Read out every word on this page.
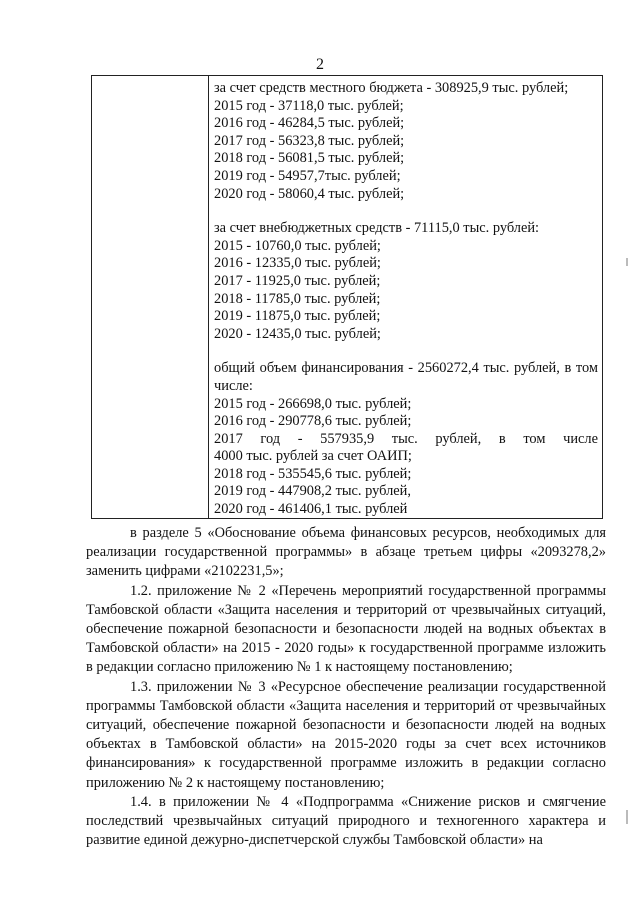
2
за счет средств местного бюджета - 308925,9 тыс. рублей;
2015 год - 37118,0 тыс. рублей;
2016 год - 46284,5 тыс. рублей;
2017 год - 56323,8 тыс. рублей;
2018 год - 56081,5 тыс. рублей;
2019 год - 54957,7тыс. рублей;
2020 год - 58060,4 тыс. рублей;
за счет внебюджетных средств - 71115,0 тыс. рублей:
2015 - 10760,0 тыс. рублей;
2016 - 12335,0 тыс. рублей;
2017 - 11925,0 тыс. рублей;
2018 - 11785,0 тыс. рублей;
2019 - 11875,0 тыс. рублей;
2020 - 12435,0 тыс. рублей;
общий объем финансирования - 2560272,4 тыс. рублей, в том числе:
2015 год - 266698,0 тыс. рублей;
2016 год - 290778,6 тыс. рублей;
2017 год - 557935,9 тыс. рублей, в том числе
4000 тыс. рублей за счет ОАИП;
2018 год - 535545,6 тыс. рублей;
2019 год - 447908,2 тыс. рублей,
2020 год - 461406,1 тыс. рублей

в разделе 5 «Обоснование объема финансовых ресурсов, необходимых для реализации государственной программы» в абзаце третьем цифры «2093278,2» заменить цифрами «2102231,5»;

1.2. приложение № 2 «Перечень мероприятий государственной программы Тамбовской области «Защита населения и территорий от чрезвычайных ситуаций, обеспечение пожарной безопасности и безопасности людей на водных объектах в Тамбовской области» на 2015 - 2020 годы» к государственной программе изложить в редакции согласно приложению № 1 к настоящему постановлению;

1.3. приложении № 3 «Ресурсное обеспечение реализации государственной программы Тамбовской области «Защита населения и территорий от чрезвычайных ситуаций, обеспечение пожарной безопасности и безопасности людей на водных объектах в Тамбовской области» на 2015-2020 годы за счет всех источников финансирования» к государственной программе изложить в редакции согласно приложению № 2 к настоящему постановлению;

1.4. в приложении № 4 «Подпрограмма «Снижение рисков и смягчение последствий чрезвычайных ситуаций природного и техногенного характера и развитие единой дежурно-диспетчерской службы Тамбовской области» на
